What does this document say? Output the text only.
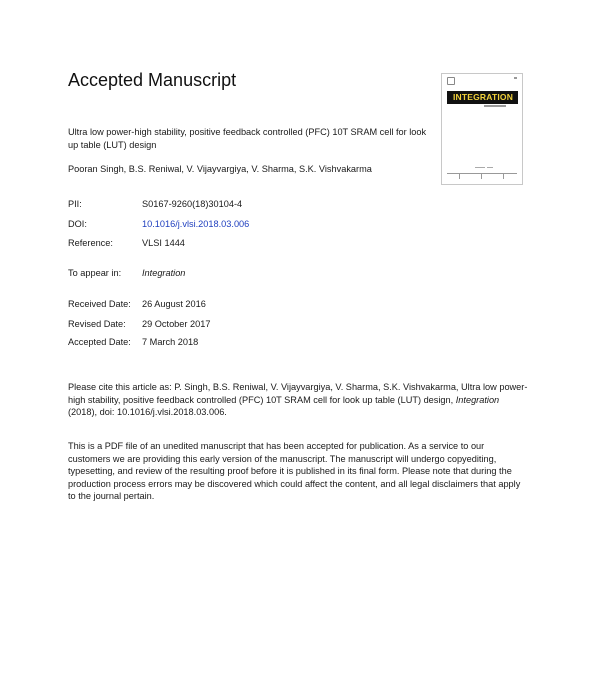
Accepted Manuscript
INTEGRATION
Ultra low power-high stability, positive feedback controlled (PFC) 10T SRAM cell for look up table (LUT) design
Pooran Singh, B.S. Reniwal, V. Vijayvargiya, V. Sharma, S.K. Vishvakarma
PII:	S0167-9260(18)30104-4
DOI:	10.1016/j.vlsi.2018.03.006
Reference:	VLSI 1444
To appear in: Integration
Received Date: 26 August 2016
Revised Date: 29 October 2017
Accepted Date: 7 March 2018
Please cite this article as: P. Singh, B.S. Reniwal, V. Vijayvargiya, V. Sharma, S.K. Vishvakarma, Ultra low power-high stability, positive feedback controlled (PFC) 10T SRAM cell for look up table (LUT) design, Integration (2018), doi: 10.1016/j.vlsi.2018.03.006.
This is a PDF file of an unedited manuscript that has been accepted for publication. As a service to our customers we are providing this early version of the manuscript. The manuscript will undergo copyediting, typesetting, and review of the resulting proof before it is published in its final form. Please note that during the production process errors may be discovered which could affect the content, and all legal disclaimers that apply to the journal pertain.
